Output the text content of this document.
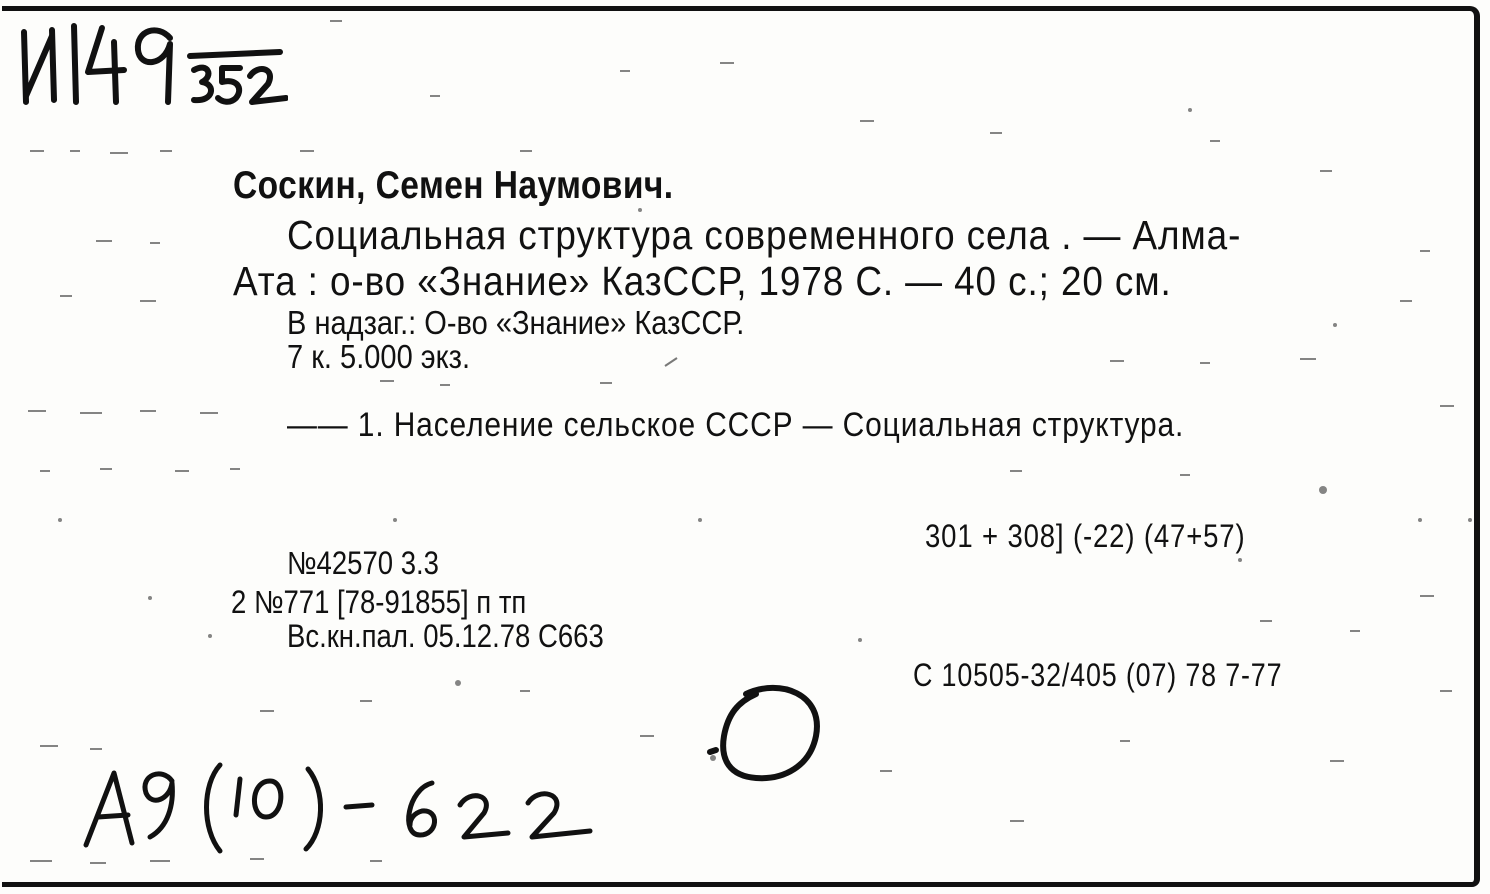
Соскин, Семен Наумович.
Социальная структура современного села . — Алма-
Ата : о-во «Знание» КазССР, 1978 С. — 40 с.; 20 см.
В надзаг.: О-во «Знание» КазССР.
7 к. 5.000 экз.
—— 1. Население сельское СССР — Социальная структура.
301 + 308] (-22) (47+57)
№42570 3.3
2 №771 [78-91855] п тп
Вс.кн.пал. 05.12.78 С663
С 10505-32/405 (07) 78 7-77
